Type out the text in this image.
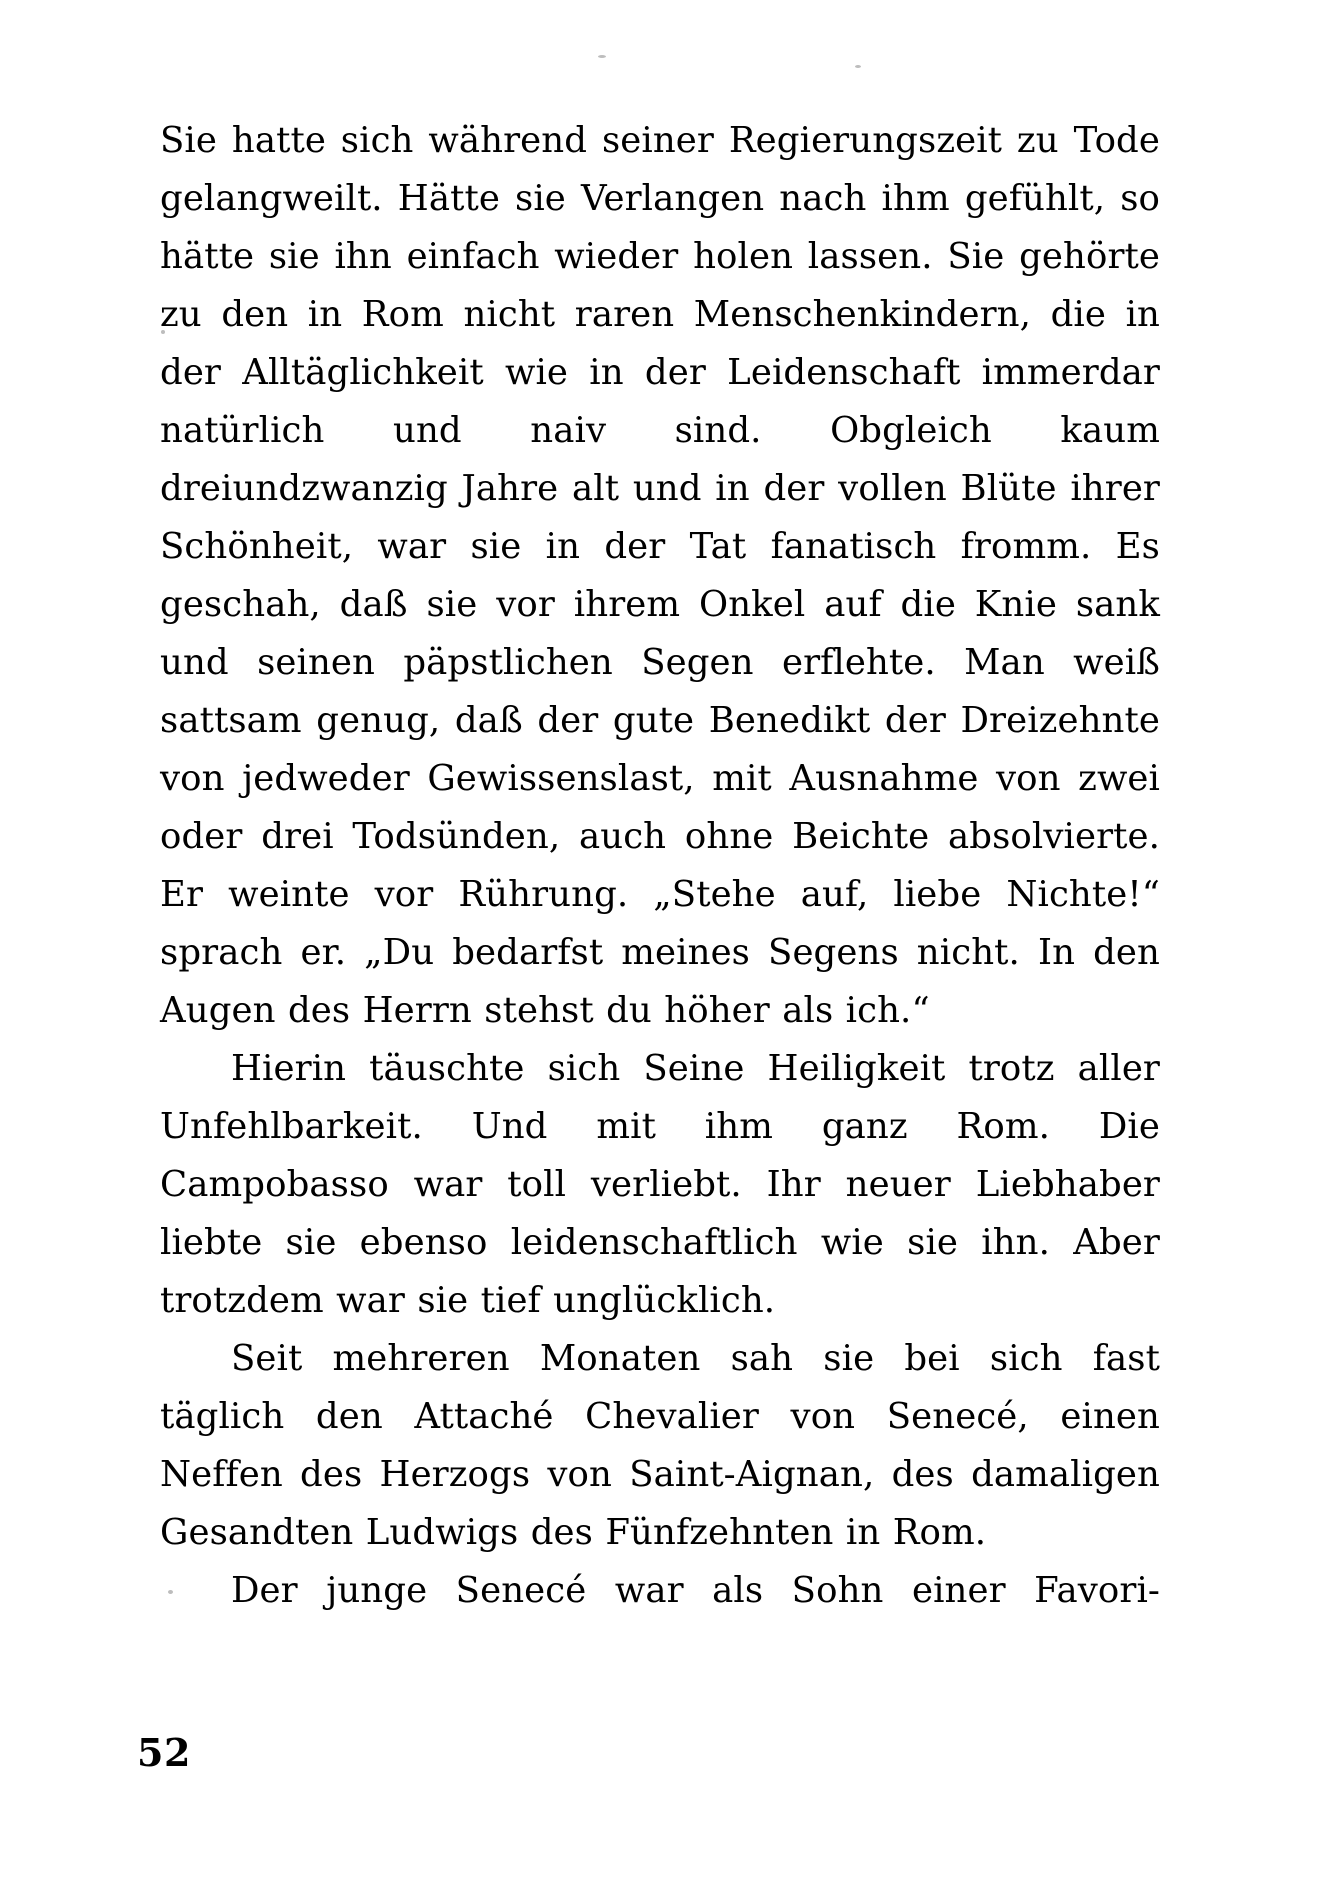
Sie hatte sich während seiner Regierungszeit zu Tode gelangweilt. Hätte sie Verlangen nach ihm gefühlt, so hätte sie ihn einfach wieder holen lassen. Sie gehörte zu den in Rom nicht raren Menschenkindern, die in der Alltäglichkeit wie in der Leidenschaft immerdar natürlich und naiv sind. Obgleich kaum dreiundzwanzig Jahre alt und in der vollen Blüte ihrer Schönheit, war sie in der Tat fanatisch fromm. Es geschah, daß sie vor ihrem Onkel auf die Knie sank und seinen päpstlichen Segen erflehte. Man weiß sattsam genug, daß der gute Benedikt der Dreizehnte von jedweder Gewissenslast, mit Ausnahme von zwei oder drei Todsünden, auch ohne Beichte absolvierte. Er weinte vor Rührung. „Stehe auf, liebe Nichte!“ sprach er. „Du bedarfst meines Segens nicht. In den Augen des Herrn stehst du höher als ich.“

Hierin täuschte sich Seine Heiligkeit trotz aller Unfehlbarkeit. Und mit ihm ganz Rom. Die Campobasso war toll verliebt. Ihr neuer Liebhaber liebte sie ebenso leidenschaftlich wie sie ihn. Aber trotzdem war sie tief unglücklich.

Seit mehreren Monaten sah sie bei sich fast täglich den Attaché Chevalier von Senecé, einen Neffen des Herzogs von Saint-Aignan, des damaligen Gesandten Ludwigs des Fünfzehnten in Rom.

Der junge Senecé war als Sohn einer Favori-

52
